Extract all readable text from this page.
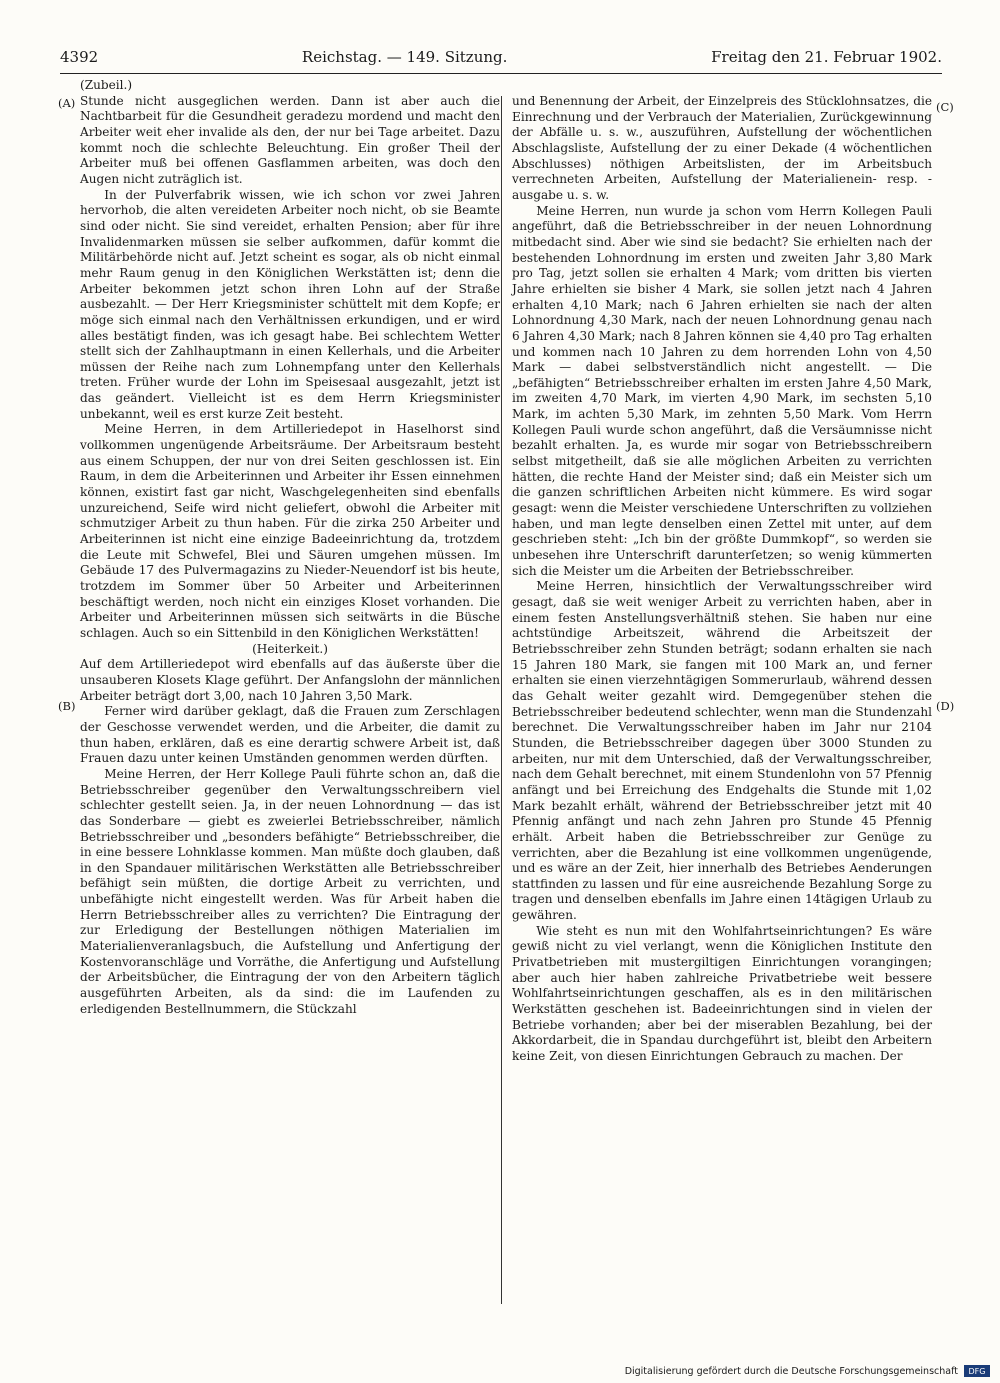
4392	Reichstag. — 149. Sitzung.	Freitag den 21. Februar 1902.
(A)
(B)
(C)
(D)

(Zubeil.)

Stunde nicht ausgeglichen werden. Dann ist aber auch die Nachtbarbeit für die Gesundheit geradezu mordend und macht den Arbeiter weit eher invalide als den, der nur bei Tage arbeitet. Dazu kommt noch die schlechte Beleuchtung. Ein großer Theil der Arbeiter muß bei offenen Gasflammen arbeiten, was doch den Augen nicht zuträglich ist.

In der Pulverfabrik wissen, wie ich schon vor zwei Jahren hervorhob, die alten vereideten Arbeiter noch nicht, ob sie Beamte sind oder nicht. Sie sind vereidet, erhalten Pension; aber für ihre Invalidenmarken müssen sie selber aufkommen, dafür kommt die Militärbehörde nicht auf. Jetzt scheint es sogar, als ob nicht einmal mehr Raum genug in den Königlichen Werkstätten ist; denn die Arbeiter bekommen jetzt schon ihren Lohn auf der Straße ausbezahlt. — Der Herr Kriegsminister schüttelt mit dem Kopfe; er möge sich einmal nach den Verhältnissen erkundigen, und er wird alles bestätigt finden, was ich gesagt habe. Bei schlechtem Wetter stellt sich der Zahlhauptmann in einen Kellerhals, und die Arbeiter müssen der Reihe nach zum Lohnempfang unter den Kellerhals treten. Früher wurde der Lohn im Speisesaal ausgezahlt, jetzt ist das geändert. Vielleicht ist es dem Herrn Kriegsminister unbekannt, weil es erst kurze Zeit besteht.

Meine Herren, in dem Artilleriedepot in Haselhorst sind vollkommen ungenügende Arbeitsräume. Der Arbeitsraum besteht aus einem Schuppen, der nur von drei Seiten geschlossen ist. Ein Raum, in dem die Arbeiterinnen und Arbeiter ihr Essen einnehmen können, existirt fast gar nicht, Waschgelegenheiten sind ebenfalls unzureichend, Seife wird nicht geliefert, obwohl die Arbeiter mit schmutziger Arbeit zu thun haben. Für die zirka 250 Arbeiter und Arbeiterinnen ist nicht eine einzige Badeeinrichtung da, trotzdem die Leute mit Schwefel, Blei und Säuren umgehen müssen. Im Gebäude 17 des Pulvermagazins zu Nieder-Neuendorf ist bis heute, trotzdem im Sommer über 50 Arbeiter und Arbeiterinnen beschäftigt werden, noch nicht ein einziges Kloset vorhanden. Die Arbeiter und Arbeiterinnen müssen sich seitwärts in die Büsche schlagen. Auch so ein Sittenbild in den Königlichen Werkstätten!

(Heiterkeit.)

Auf dem Artilleriedepot wird ebenfalls auf das äußerste über die unsauberen Klosets Klage geführt. Der Anfangslohn der männlichen Arbeiter beträgt dort 3,00, nach 10 Jahren 3,50 Mark.

Ferner wird darüber geklagt, daß die Frauen zum Zerschlagen der Geschosse verwendet werden, und die Arbeiter, die damit zu thun haben, erklären, daß es eine derartig schwere Arbeit ist, daß Frauen dazu unter keinen Umständen genommen werden dürften.

Meine Herren, der Herr Kollege Pauli führte schon an, daß die Betriebsschreiber gegenüber den Verwaltungsschreibern viel schlechter gestellt seien. Ja, in der neuen Lohnordnung — das ist das Sonderbare — giebt es zweierlei Betriebsschreiber, nämlich Betriebsschreiber und „besonders befähigte“ Betriebsschreiber, die in eine bessere Lohnklasse kommen. Man müßte doch glauben, daß in den Spandauer militärischen Werkstätten alle Betriebsschreiber befähigt sein müßten, die dortige Arbeit zu verrichten, und unbefähigte nicht eingestellt werden. Was für Arbeit haben die Herrn Betriebsschreiber alles zu verrichten? Die Eintragung der zur Erledigung der Bestellungen nöthigen Materialien im Materialienveranlagsbuch, die Aufstellung und Anfertigung der Kostenvoranschläge und Vorräthe, die Anfertigung und Aufstellung der Arbeitsbücher, die Eintragung der von den Arbeitern täglich ausgeführten Arbeiten, als da sind: die im Laufenden zu erledigenden Bestellnummern, die Stückzahl

und Benennung der Arbeit, der Einzelpreis des Stücklohnsatzes, die Einrechnung und der Verbrauch der Materialien, Zurückgewinnung der Abfälle u. s. w., auszuführen, Aufstellung der wöchentlichen Abschlagsliste, Aufstellung der zu einer Dekade (4 wöchentlichen Abschlusses) nöthigen Arbeitslisten, der im Arbeitsbuch verrechneten Arbeiten, Aufstellung der Materialienein- resp. -ausgabe u. s. w.

Meine Herren, nun wurde ja schon vom Herrn Kollegen Pauli angeführt, daß die Betriebsschreiber in der neuen Lohnordnung mitbedacht sind. Aber wie sind sie bedacht? Sie erhielten nach der bestehenden Lohnordnung im ersten und zweiten Jahr 3,80 Mark pro Tag, jetzt sollen sie erhalten 4 Mark; vom dritten bis vierten Jahre erhielten sie bisher 4 Mark, sie sollen jetzt nach 4 Jahren erhalten 4,10 Mark; nach 6 Jahren erhielten sie nach der alten Lohnordnung 4,30 Mark, nach der neuen Lohnordnung genau nach 6 Jahren 4,30 Mark; nach 8 Jahren können sie 4,40 pro Tag erhalten und kommen nach 10 Jahren zu dem horrenden Lohn von 4,50 Mark — dabei selbstverständlich nicht angestellt. — Die „befähigten“ Betriebsschreiber erhalten im ersten Jahre 4,50 Mark, im zweiten 4,70 Mark, im vierten 4,90 Mark, im sechsten 5,10 Mark, im achten 5,30 Mark, im zehnten 5,50 Mark. Vom Herrn Kollegen Pauli wurde schon angeführt, daß die Versäumnisse nicht bezahlt erhalten. Ja, es wurde mir sogar von Betriebsschreibern selbst mitgetheilt, daß sie alle möglichen Arbeiten zu verrichten hätten, die rechte Hand der Meister sind; daß ein Meister sich um die ganzen schriftlichen Arbeiten nicht kümmere. Es wird sogar gesagt: wenn die Meister verschiedene Unterschriften zu vollziehen haben, und man legte denselben einen Zettel mit unter, auf dem geschrieben steht: „Ich bin der größte Dummkopf“, so werden sie unbesehen ihre Unterschrift darunterſetzen; so wenig kümmerten sich die Meister um die Arbeiten der Betriebsschreiber.

Meine Herren, hinsichtlich der Verwaltungsschreiber wird gesagt, daß sie weit weniger Arbeit zu verrichten haben, aber in einem festen Anstellungsverhältniß stehen. Sie haben nur eine achtstündige Arbeitszeit, während die Arbeitszeit der Betriebsschreiber zehn Stunden beträgt; sodann erhalten sie nach 15 Jahren 180 Mark, sie fangen mit 100 Mark an, und ferner erhalten sie einen vierzehntägigen Sommerurlaub, während dessen das Gehalt weiter gezahlt wird. Demgegenüber stehen die Betriebsschreiber bedeutend schlechter, wenn man die Stundenzahl berechnet. Die Verwaltungsschreiber haben im Jahr nur 2104 Stunden, die Betriebsschreiber dagegen über 3000 Stunden zu arbeiten, nur mit dem Unterschied, daß der Verwaltungsschreiber, nach dem Gehalt berechnet, mit einem Stundenlohn von 57 Pfennig anfängt und bei Erreichung des Endgehalts die Stunde mit 1,02 Mark bezahlt erhält, während der Betriebsschreiber jetzt mit 40 Pfennig anfängt und nach zehn Jahren pro Stunde 45 Pfennig erhält. Arbeit haben die Betriebsschreiber zur Genüge zu verrichten, aber die Bezahlung ist eine vollkommen ungenügende, und es wäre an der Zeit, hier innerhalb des Betriebes Aenderungen stattfinden zu lassen und für eine ausreichende Bezahlung Sorge zu tragen und denselben ebenfalls im Jahre einen 14tägigen Urlaub zu gewähren.

Wie steht es nun mit den Wohlfahrtseinrichtungen? Es wäre gewiß nicht zu viel verlangt, wenn die Königlichen Institute den Privatbetrieben mit mustergiltigen Einrichtungen vorangingen; aber auch hier haben zahlreiche Privatbetriebe weit bessere Wohlfahrtseinrichtungen geschaffen, als es in den militärischen Werkstätten geschehen ist. Badeeinrichtungen sind in vielen der Betriebe vorhanden; aber bei der miserablen Bezahlung, bei der Akkordarbeit, die in Spandau durchgeführt ist, bleibt den Arbeitern keine Zeit, von diesen Einrichtungen Gebrauch zu machen. Der

Digitalisierung gefördert durch die Deutsche Forschungsgemeinschaft	DFG
